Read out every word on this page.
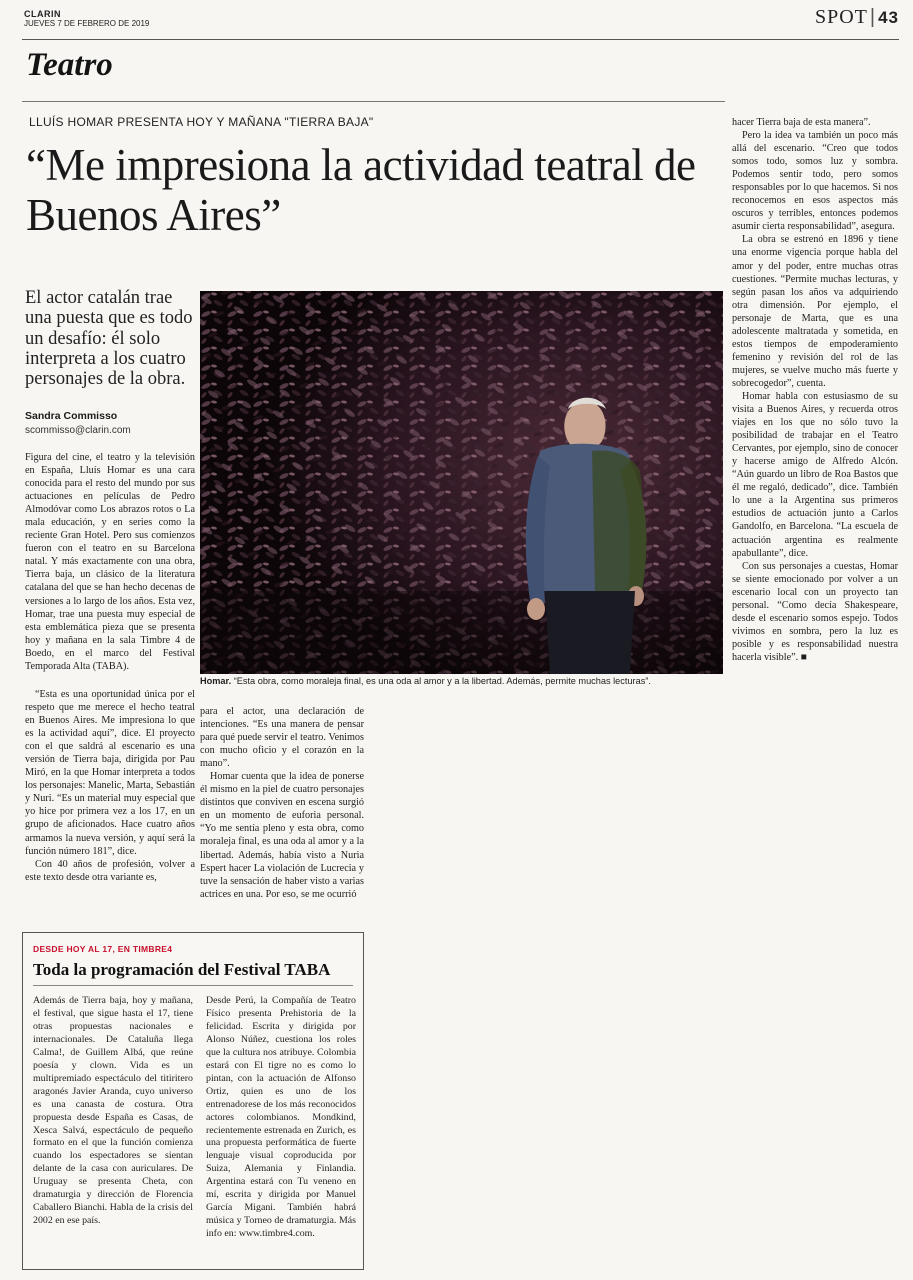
CLARIN
JUEVES 7 DE FEBRERO DE 2019	SPOT | 43
Teatro
LLUÍS HOMAR PRESENTA HOY Y MAÑANA "TIERRA BAJA"
“Me impresiona la actividad teatral de Buenos Aires”
El actor catalán trae una puesta que es todo un desafío: él solo interpreta a los cuatro personajes de la obra.
Sandra Commisso
scommisso@clarin.com

Figura del cine, el teatro y la televisión en España, Lluís Homar es una cara conocida para el resto del mundo por sus actuaciones en películas de Pedro Almodóvar como Los abrazos rotos o La mala educación, y en series como la reciente Gran Hotel. Pero sus comienzos fueron con el teatro en su Barcelona natal. Y más exactamente con una obra, Tierra baja, un clásico de la literatura catalana del que se han hecho decenas de versiones a lo largo de los años. Esta vez, Homar, trae una puesta muy especial de esta emblemática pieza que se presenta hoy y mañana en la sala Timbre 4 de Boedo, en el marco del Festival Temporada Alta (TABA).

“Esta es una oportunidad única por el respeto que me merece el hecho teatral en Buenos Aires. Me impresiona lo que es la actividad aquí”, dice. El proyecto con el que saldrá al escenario es una versión de Tierra baja, dirigida por Pau Miró, en la que Homar interpreta a todos los personajes: Manelic, Marta, Sebastián y Nuri. “Es un material muy especial que yo hice por primera vez a los 17, en un grupo de aficionados. Hace cuatro años armamos la nueva versión, y aquí será la función número 181”, dice.

Con 40 años de profesión, volver a este texto desde otra variante es,

Homar. “Esta obra, como moraleja final, es una oda al amor y a la libertad. Además, permite muchas lecturas”.

para el actor, una declaración de intenciones. “Es una manera de pensar para qué puede servir el teatro. Venimos con mucho oficio y el corazón en la mano”.

Homar cuenta que la idea de ponerse él mismo en la piel de cuatro personajes distintos que conviven en escena surgió en un momento de euforia personal. “Yo me sentía pleno y esta obra, como moraleja final, es una oda al amor y a la libertad. Además, había visto a Nuria Espert hacer La violación de Lucrecia y tuve la sensación de haber visto a varias actrices en una. Por eso, se me ocurrió

hacer Tierra baja de esta manera”.

Pero la idea va también un poco más allá del escenario. “Creo que todos somos todo, somos luz y sombra. Podemos sentir todo, pero somos responsables por lo que hacemos. Si nos reconocemos en esos aspectos más oscuros y terribles, entonces podemos asumir cierta responsabilidad”, asegura.

La obra se estrenó en 1896 y tiene una enorme vigencia porque habla del amor y del poder, entre muchas otras cuestiones. “Permite muchas lecturas, y según pasan los años va adquiriendo otra dimensión. Por ejemplo, el personaje de Marta, que es una adolescente maltratada y sometida, en estos tiempos de empoderamiento femenino y revisión del rol de las mujeres, se vuelve mucho más fuerte y sobrecogedor”, cuenta.

Homar habla con estusiasmo de su visita a Buenos Aires, y recuerda otros viajes en los que no sólo tuvo la posibilidad de trabajar en el Teatro Cervantes, por ejemplo, sino de conocer y hacerse amigo de Alfredo Alcón. “Aún guardo un libro de Roa Bastos que él me regaló, dedicado”, dice. También lo une a la Argentina sus primeros estudios de actuación junto a Carlos Gandolfo, en Barcelona. “La escuela de actuación argentina es realmente apabullante”, dice.

Con sus personajes a cuestas, Homar se siente emocionado por volver a un escenario local con un proyecto tan personal. “Como decía Shakespeare, desde el escenario somos espejo. Todos vivimos en sombra, pero la luz es posible y es responsabilidad nuestra hacerla visible”. ■

DESDE HOY AL 17, EN TIMBRE4
Toda la programación del Festival TABA

Además de Tierra baja, hoy y mañana, el festival, que sigue hasta el 17, tiene otras propuestas nacionales e internacionales. De Cataluña llega Calma!, de Guillem Albá, que reúne poesía y clown. Vida es un multipremiado espectáculo del titiritero aragonés Javier Aranda, cuyo universo es una canasta de costura. Otra propuesta desde España es Casas, de Xesca Salvá, espectáculo de pequeño formato en el que la función comienza cuando los espectadores se sientan delante de la casa con auriculares. De Uruguay se presenta Cheta, con dramaturgia y dirección de Florencia Caballero Bianchi. Habla de la crisis del 2002 en ese país.

Desde Perú, la Compañía de Teatro Físico presenta Prehistoria de la felicidad. Escrita y dirigida por Alonso Núñez, cuestiona los roles que la cultura nos atribuye. Colombia estará con El tigre no es como lo pintan, con la actuación de Alfonso Ortiz, quien es uno de los entrenadorese de los más reconocidos actores colombianos. Mondkind, recientemente estrenada en Zurich, es una propuesta performática de fuerte lenguaje visual coproducida por Suiza, Alemania y Finlandia. Argentina estará con Tu veneno en mí, escrita y dirigida por Manuel García Migani. También habrá música y Torneo de dramaturgia. Más info en: www.timbre4.com.
